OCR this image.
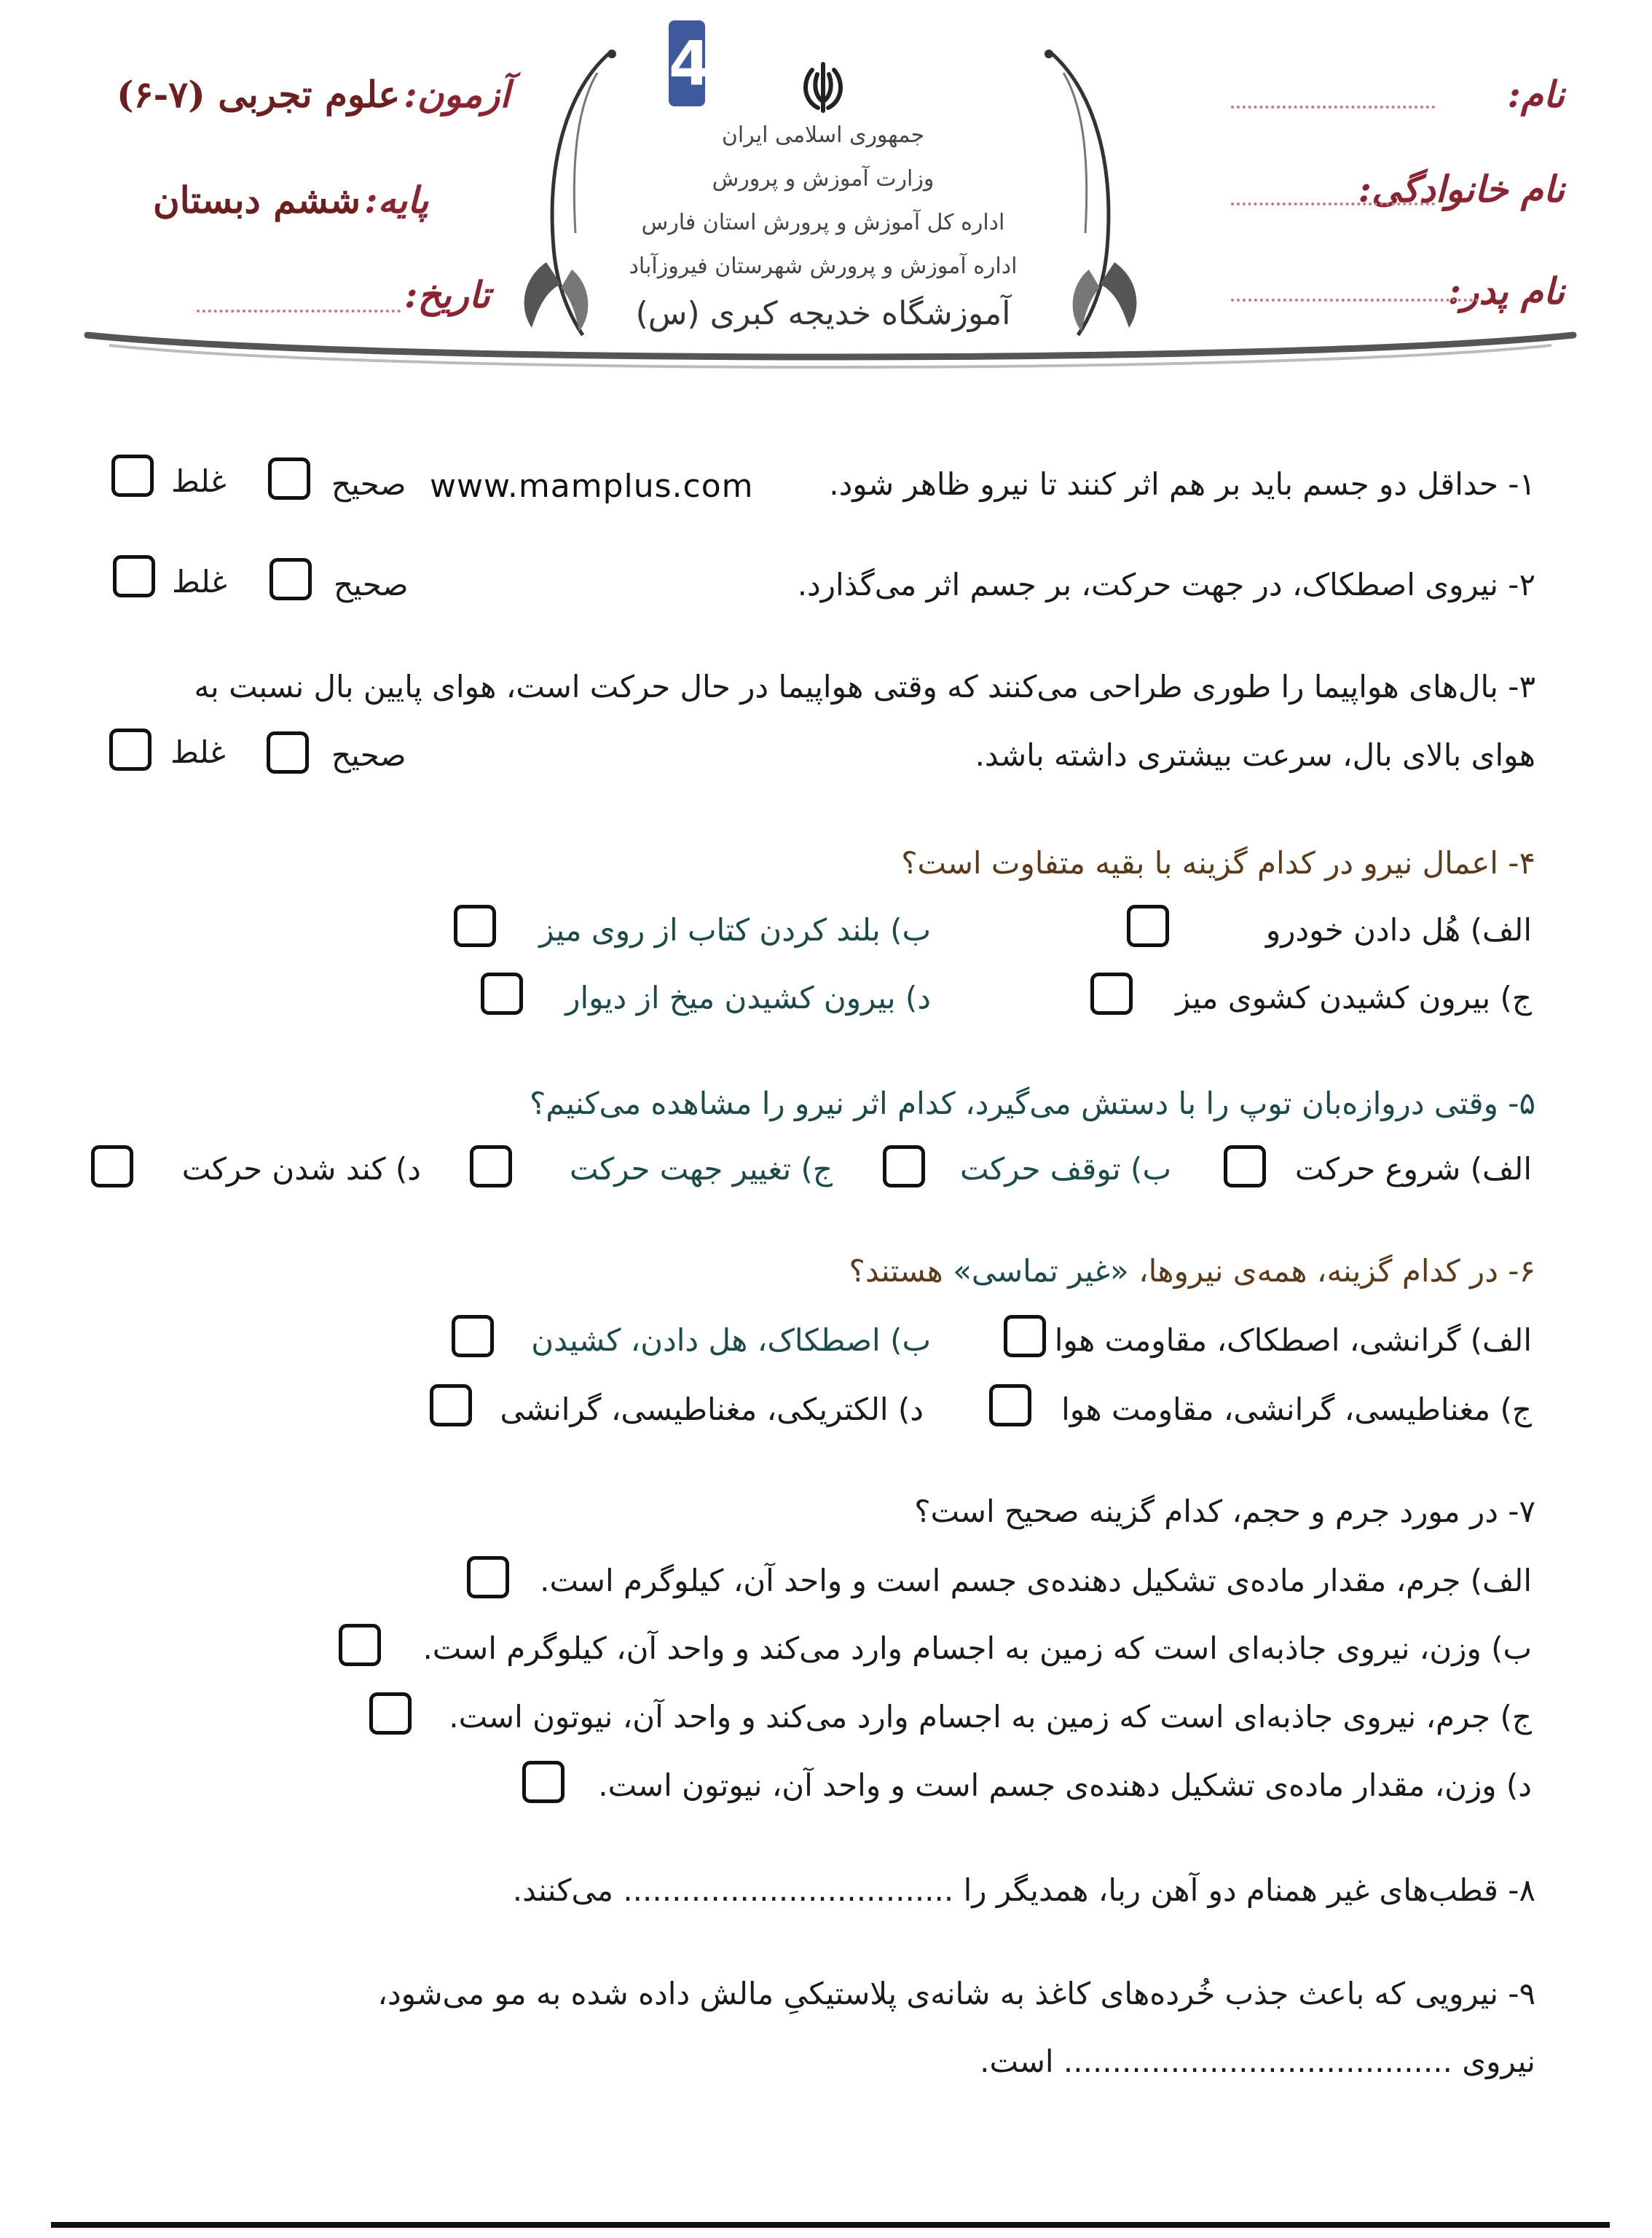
نام:
نام خانوادگی:
نام پدر:
آزمون: علوم تجربی (۷-۶)
پایه: ششم دبستان
تاریخ:
4
جمهوری اسلامی ایران
وزارت آموزش و پرورش
اداره کل آموزش و پرورش استان فارس
اداره آموزش و پرورش شهرستان فیروزآباد
آموزشگاه خدیجه کبری (س)
۱- حداقل دو جسم باید بر هم اثر کنند تا نیرو ظاهر شود.
www.mamplus.com
صحیح
غلط
۲- نیروی اصطکاک، در جهت حرکت، بر جسم اثر می‌گذارد.
صحیح
غلط
۳- بال‌های هواپیما را طوری طراحی می‌کنند که وقتی هواپیما در حال حرکت است، هوای پایین بال نسبت به
هوای بالای بال، سرعت بیشتری داشته باشد.
صحیح
غلط
۴- اعمال نیرو در کدام گزینه با بقیه متفاوت است؟
الف) هُل دادن خودرو
ب) بلند کردن کتاب از روی میز
ج) بیرون کشیدن کشوی میز
د) بیرون کشیدن میخ از دیوار
۵- وقتی دروازه‌بان توپ را با دستش می‌گیرد، کدام اثر نیرو را مشاهده می‌کنیم؟
الف) شروع حرکت
ب) توقف حرکت
ج) تغییر جهت حرکت
د) کند شدن حرکت
۶- در کدام گزینه، همه‌ی نیروها، «غیر تماسی» هستند؟
الف) گرانشی، اصطکاک، مقاومت هوا
ب) اصطکاک، هل دادن، کشیدن
ج) مغناطیسی، گرانشی، مقاومت هوا
د) الکتریکی، مغناطیسی، گرانشی
۷- در مورد جرم و حجم، کدام گزینه صحیح است؟
الف) جرم، مقدار ماده‌ی تشکیل دهنده‌ی جسم است و واحد آن، کیلوگرم است.
ب) وزن، نیروی جاذبه‌ای است که زمین به اجسام وارد می‌کند و واحد آن، کیلوگرم است.
ج) جرم، نیروی جاذبه‌ای است که زمین به اجسام وارد می‌کند و واحد آن، نیوتون است.
د) وزن، مقدار ماده‌ی تشکیل دهنده‌ی جسم است و واحد آن، نیوتون است.
۸- قطب‌های غیر همنام دو آهن ربا، همدیگر را .................................. می‌کنند.
۹- نیرویی که باعث جذب خُرده‌های کاغذ به شانه‌ی پلاستیکیِ مالش داده شده به مو می‌شود،
نیروی ........................................ است.
